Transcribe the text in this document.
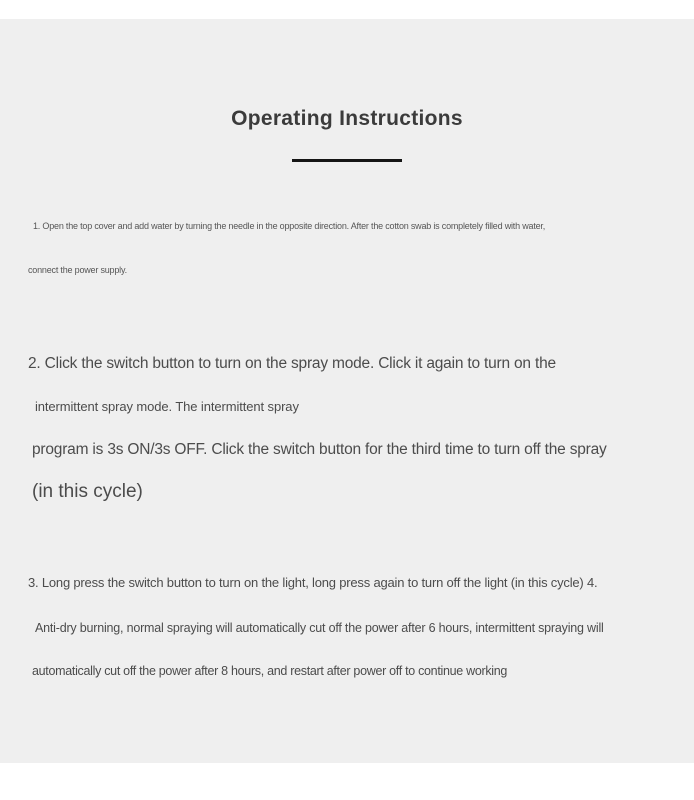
Operating Instructions

1. Open the top cover and add water by turning the needle in the opposite direction. After the cotton swab is completely filled with water,

connect the power supply.

2. Click the switch button to turn on the spray mode. Click it again to turn on the

intermittent spray mode. The intermittent spray

program is 3s ON/3s OFF. Click the switch button for the third time to turn off the spray

(in this cycle)

3. Long press the switch button to turn on the light, long press again to turn off the light (in this cycle) 4.

Anti-dry burning, normal spraying will automatically cut off the power after 6 hours, intermittent spraying will

automatically cut off the power after 8 hours, and restart after power off to continue working
